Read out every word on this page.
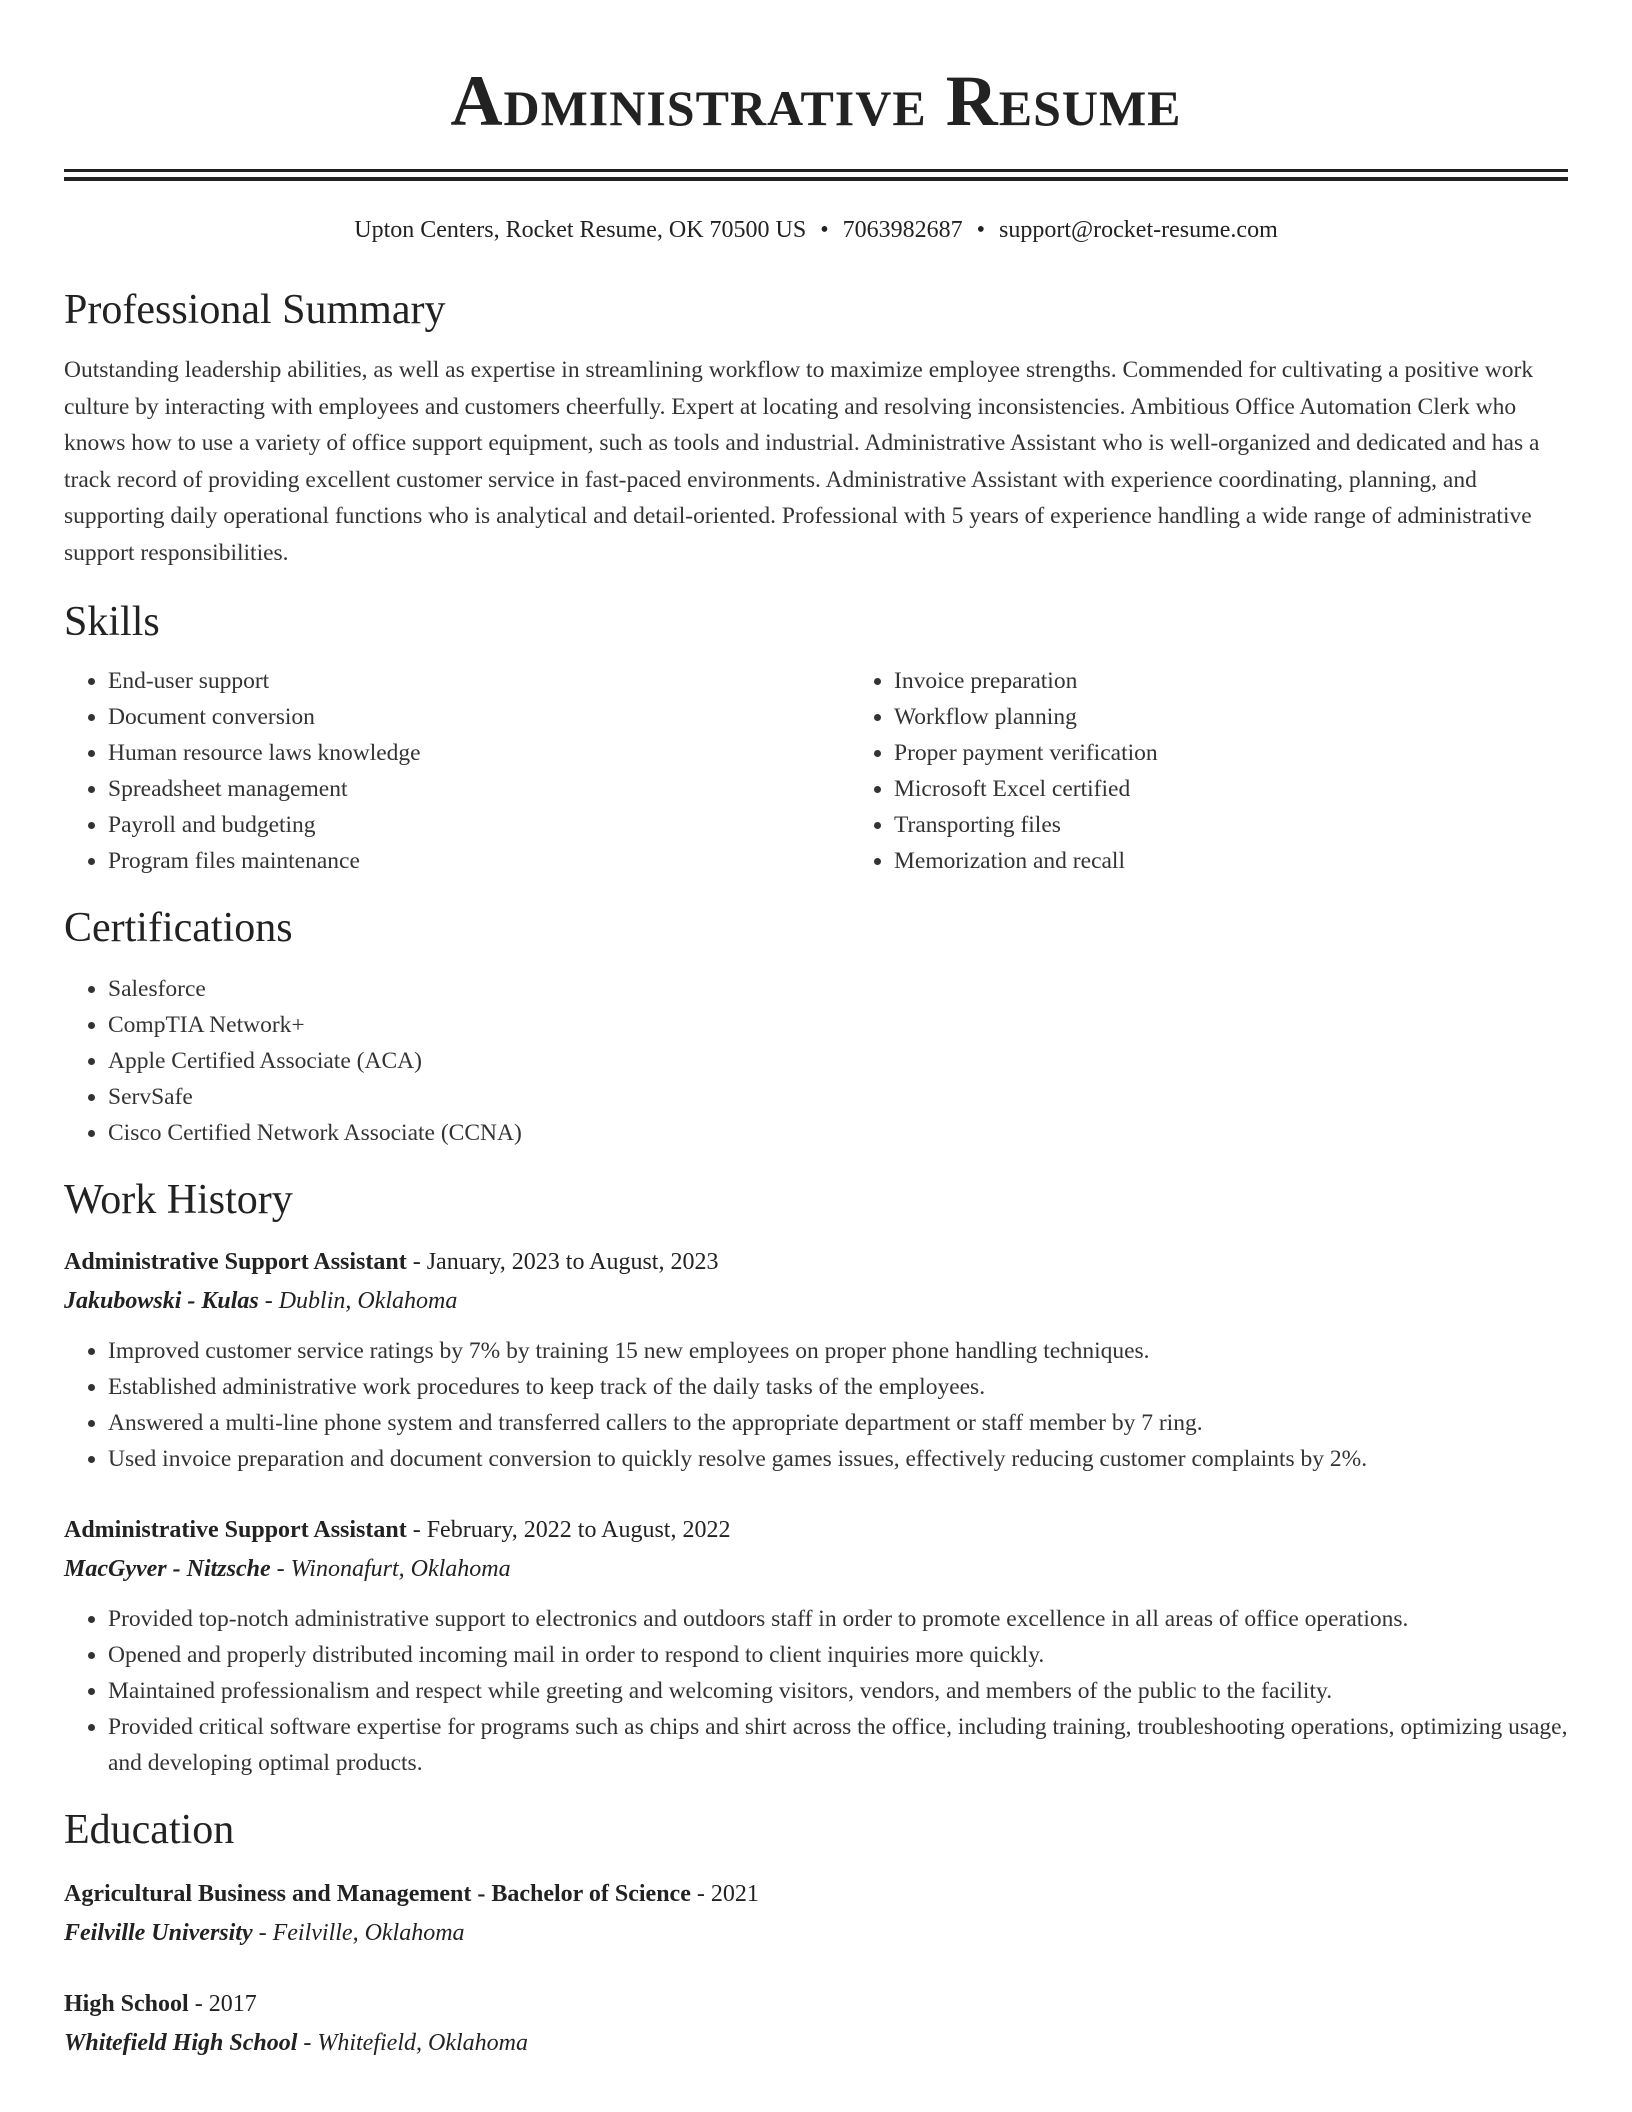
Administrative Resume
Upton Centers, Rocket Resume, OK 70500 US • 7063982687 • support@rocket-resume.com
Professional Summary
Outstanding leadership abilities, as well as expertise in streamlining workflow to maximize employee strengths. Commended for cultivating a positive work culture by interacting with employees and customers cheerfully. Expert at locating and resolving inconsistencies. Ambitious Office Automation Clerk who knows how to use a variety of office support equipment, such as tools and industrial. Administrative Assistant who is well-organized and dedicated and has a track record of providing excellent customer service in fast-paced environments. Administrative Assistant with experience coordinating, planning, and supporting daily operational functions who is analytical and detail-oriented. Professional with 5 years of experience handling a wide range of administrative support responsibilities.
Skills
• End-user support
• Document conversion
• Human resource laws knowledge
• Spreadsheet management
• Payroll and budgeting
• Program files maintenance
• Invoice preparation
• Workflow planning
• Proper payment verification
• Microsoft Excel certified
• Transporting files
• Memorization and recall
Certifications
• Salesforce
• CompTIA Network+
• Apple Certified Associate (ACA)
• ServSafe
• Cisco Certified Network Associate (CCNA)
Work History
Administrative Support Assistant - January, 2023 to August, 2023
Jakubowski - Kulas - Dublin, Oklahoma
• Improved customer service ratings by 7% by training 15 new employees on proper phone handling techniques.
• Established administrative work procedures to keep track of the daily tasks of the employees.
• Answered a multi-line phone system and transferred callers to the appropriate department or staff member by 7 ring.
• Used invoice preparation and document conversion to quickly resolve games issues, effectively reducing customer complaints by 2%.
Administrative Support Assistant - February, 2022 to August, 2022
MacGyver - Nitzsche - Winonafurt, Oklahoma
• Provided top-notch administrative support to electronics and outdoors staff in order to promote excellence in all areas of office operations.
• Opened and properly distributed incoming mail in order to respond to client inquiries more quickly.
• Maintained professionalism and respect while greeting and welcoming visitors, vendors, and members of the public to the facility.
• Provided critical software expertise for programs such as chips and shirt across the office, including training, troubleshooting operations, optimizing usage, and developing optimal products.
Education
Agricultural Business and Management - Bachelor of Science - 2021
Feilville University - Feilville, Oklahoma
High School - 2017
Whitefield High School - Whitefield, Oklahoma
